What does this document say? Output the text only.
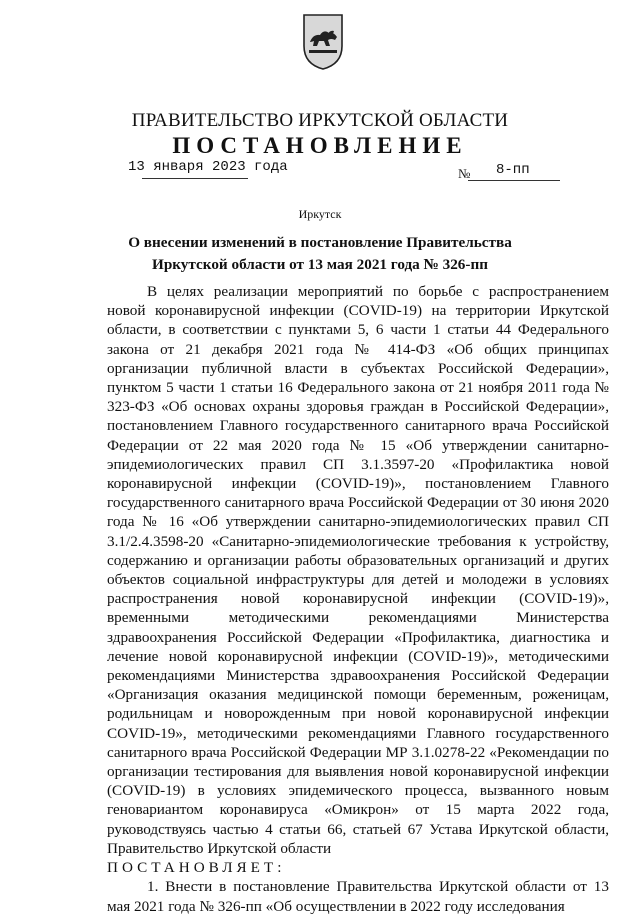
ПРАВИТЕЛЬСТВО ИРКУТСКОЙ ОБЛАСТИ
ПОСТАНОВЛЕНИЕ
13 января 2023 года	№ 8-пп
Иркутск
О внесении изменений в постановление Правительства Иркутской области от 13 мая 2021 года № 326-пп

В целях реализации мероприятий по борьбе с распространением новой коронавирусной инфекции (COVID-19) на территории Иркутской области, в соответствии с пунктами 5, 6 части 1 статьи 44 Федерального закона от 21 декабря 2021 года № 414-ФЗ «Об общих принципах организации публичной власти в субъектах Российской Федерации», пунктом 5 части 1 статьи 16 Федерального закона от 21 ноября 2011 года № 323-ФЗ «Об основах охраны здоровья граждан в Российской Федерации», постановлением Главного государственного санитарного врача Российской Федерации от 22 мая 2020 года № 15 «Об утверждении санитарно-эпидемиологических правил СП 3.1.3597-20 «Профилактика новой коронавирусной инфекции (COVID-19)», постановлением Главного государственного санитарного врача Российской Федерации от 30 июня 2020 года № 16 «Об утверждении санитарно-эпидемиологических правил СП 3.1/2.4.3598-20 «Санитарно-эпидемиологические требования к устройству, содержанию и организации работы образовательных организаций и других объектов социальной инфраструктуры для детей и молодежи в условиях распространения новой коронавирусной инфекции (COVID-19)», временными методическими рекомендациями Министерства здравоохранения Российской Федерации «Профилактика, диагностика и лечение новой коронавирусной инфекции (COVID-19)», методическими рекомендациями Министерства здравоохранения Российской Федерации «Организация оказания медицинской помощи беременным, роженицам, родильницам и новорожденным при новой коронавирусной инфекции COVID-19», методическими рекомендациями Главного государственного санитарного врача Российской Федерации МР 3.1.0278-22 «Рекомендации по организации тестирования для выявления новой коронавирусной инфекции (COVID-19) в условиях эпидемического процесса, вызванного новым геновариантом коронавируса «Омикрон» от 15 марта 2022 года, руководствуясь частью 4 статьи 66, статьей 67 Устава Иркутской области, Правительство Иркутской области

ПОСТАНОВЛЯЕТ:

1. Внести в постановление Правительства Иркутской области от 13 мая 2021 года № 326-пп «Об осуществлении в 2022 году исследования
